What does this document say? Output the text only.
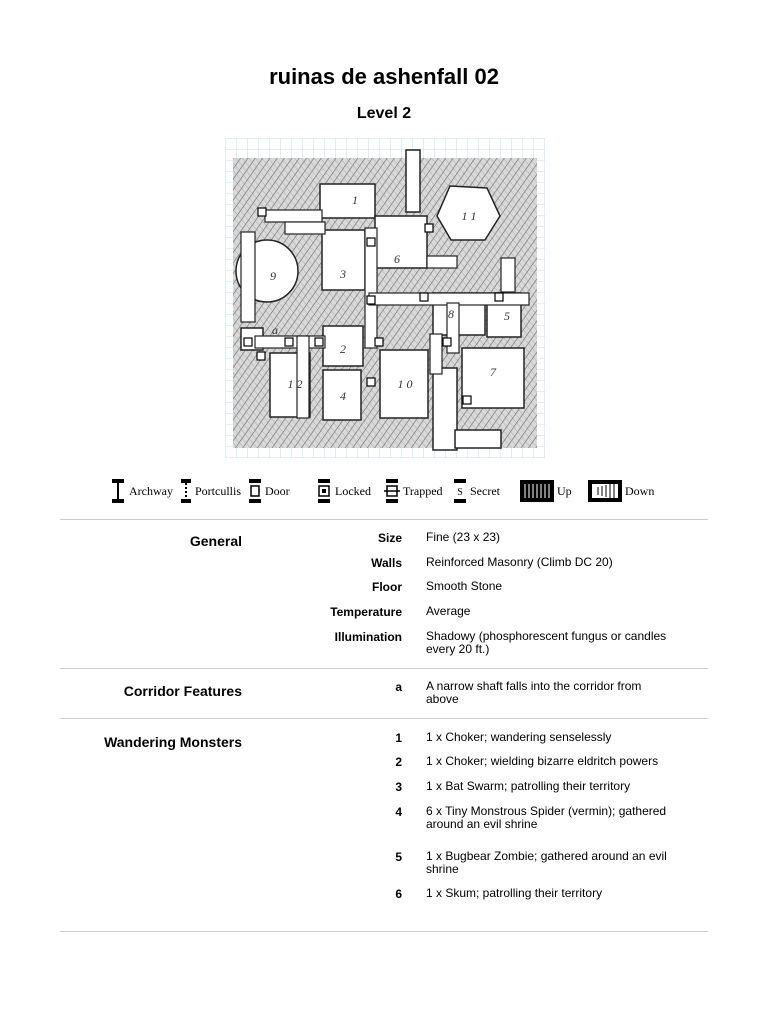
ruinas de ashenfall 02
Level 2
1
2
3
4
5
6
7
8
9
1 0
1 1
1 2
a
Archway Portcullis Door	Locked	Trapped S Secret	Up	Down
General	Size Fine (23 x 23)
Walls Reinforced Masonry (Climb DC 20)
Floor Smooth Stone
Temperature Average
Illumination Shadowy (phosphorescent fungus or candles every 20 ft.)
Corridor Features	a A narrow shaft falls into the corridor from above
Wandering Monsters	1 1 x Choker; wandering senselessly
2 1 x Choker; wielding bizarre eldritch powers
3 1 x Bat Swarm; patrolling their territory
4 6 x Tiny Monstrous Spider (vermin); gathered around an evil shrine
5 1 x Bugbear Zombie; gathered around an evil shrine
6 1 x Skum; patrolling their territory
